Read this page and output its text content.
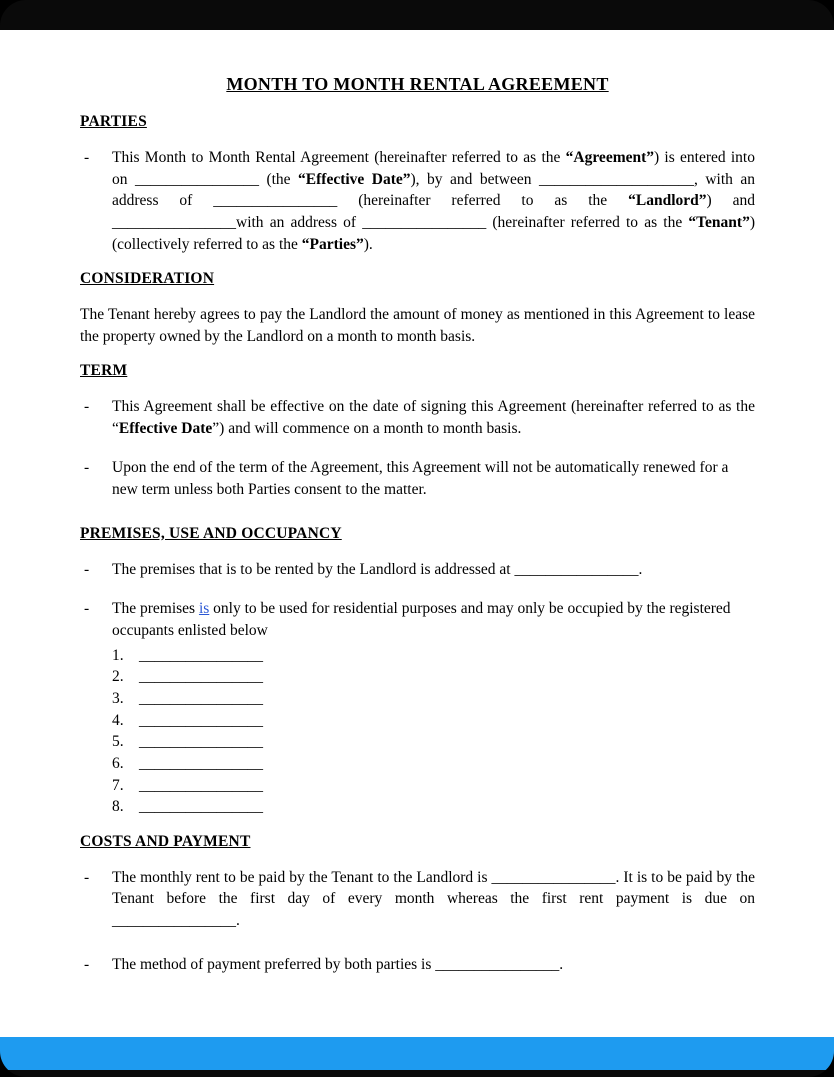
MONTH TO MONTH RENTAL AGREEMENT
PARTIES
-	This Month to Month Rental Agreement (hereinafter referred to as the “Agreement”) is entered into on ________________ (the “Effective Date”), by and between ____________________, with an address of ________________ (hereinafter referred to as the “Landlord”) and ________________with an address of ________________ (hereinafter referred to as the “Tenant”) (collectively referred to as the “Parties”).

CONSIDERATION

The Tenant hereby agrees to pay the Landlord the amount of money as mentioned in this Agreement to lease the property owned by the Landlord on a month to month basis.

TERM
-	This Agreement shall be effective on the date of signing this Agreement (hereinafter referred to as the “Effective Date”) and will commence on a month to month basis.

-	Upon the end of the term of the Agreement, this Agreement will not be automatically renewed for a new term unless both Parties consent to the matter.

PREMISES, USE AND OCCUPANCY
-	The premises that is to be rented by the Landlord is addressed at ________________.

-	The premises is only to be used for residential purposes and may only be occupied by the registered occupants enlisted below

1. ________________
2. ________________
3. ________________
4. ________________
5. ________________
6. ________________
7. ________________
8. ________________
COSTS AND PAYMENT
-	The monthly rent to be paid by the Tenant to the Landlord is ________________. It is to be paid by the Tenant before the first day of every month whereas the first rent payment is due on ________________.

-	The method of payment preferred by both parties is ________________.
